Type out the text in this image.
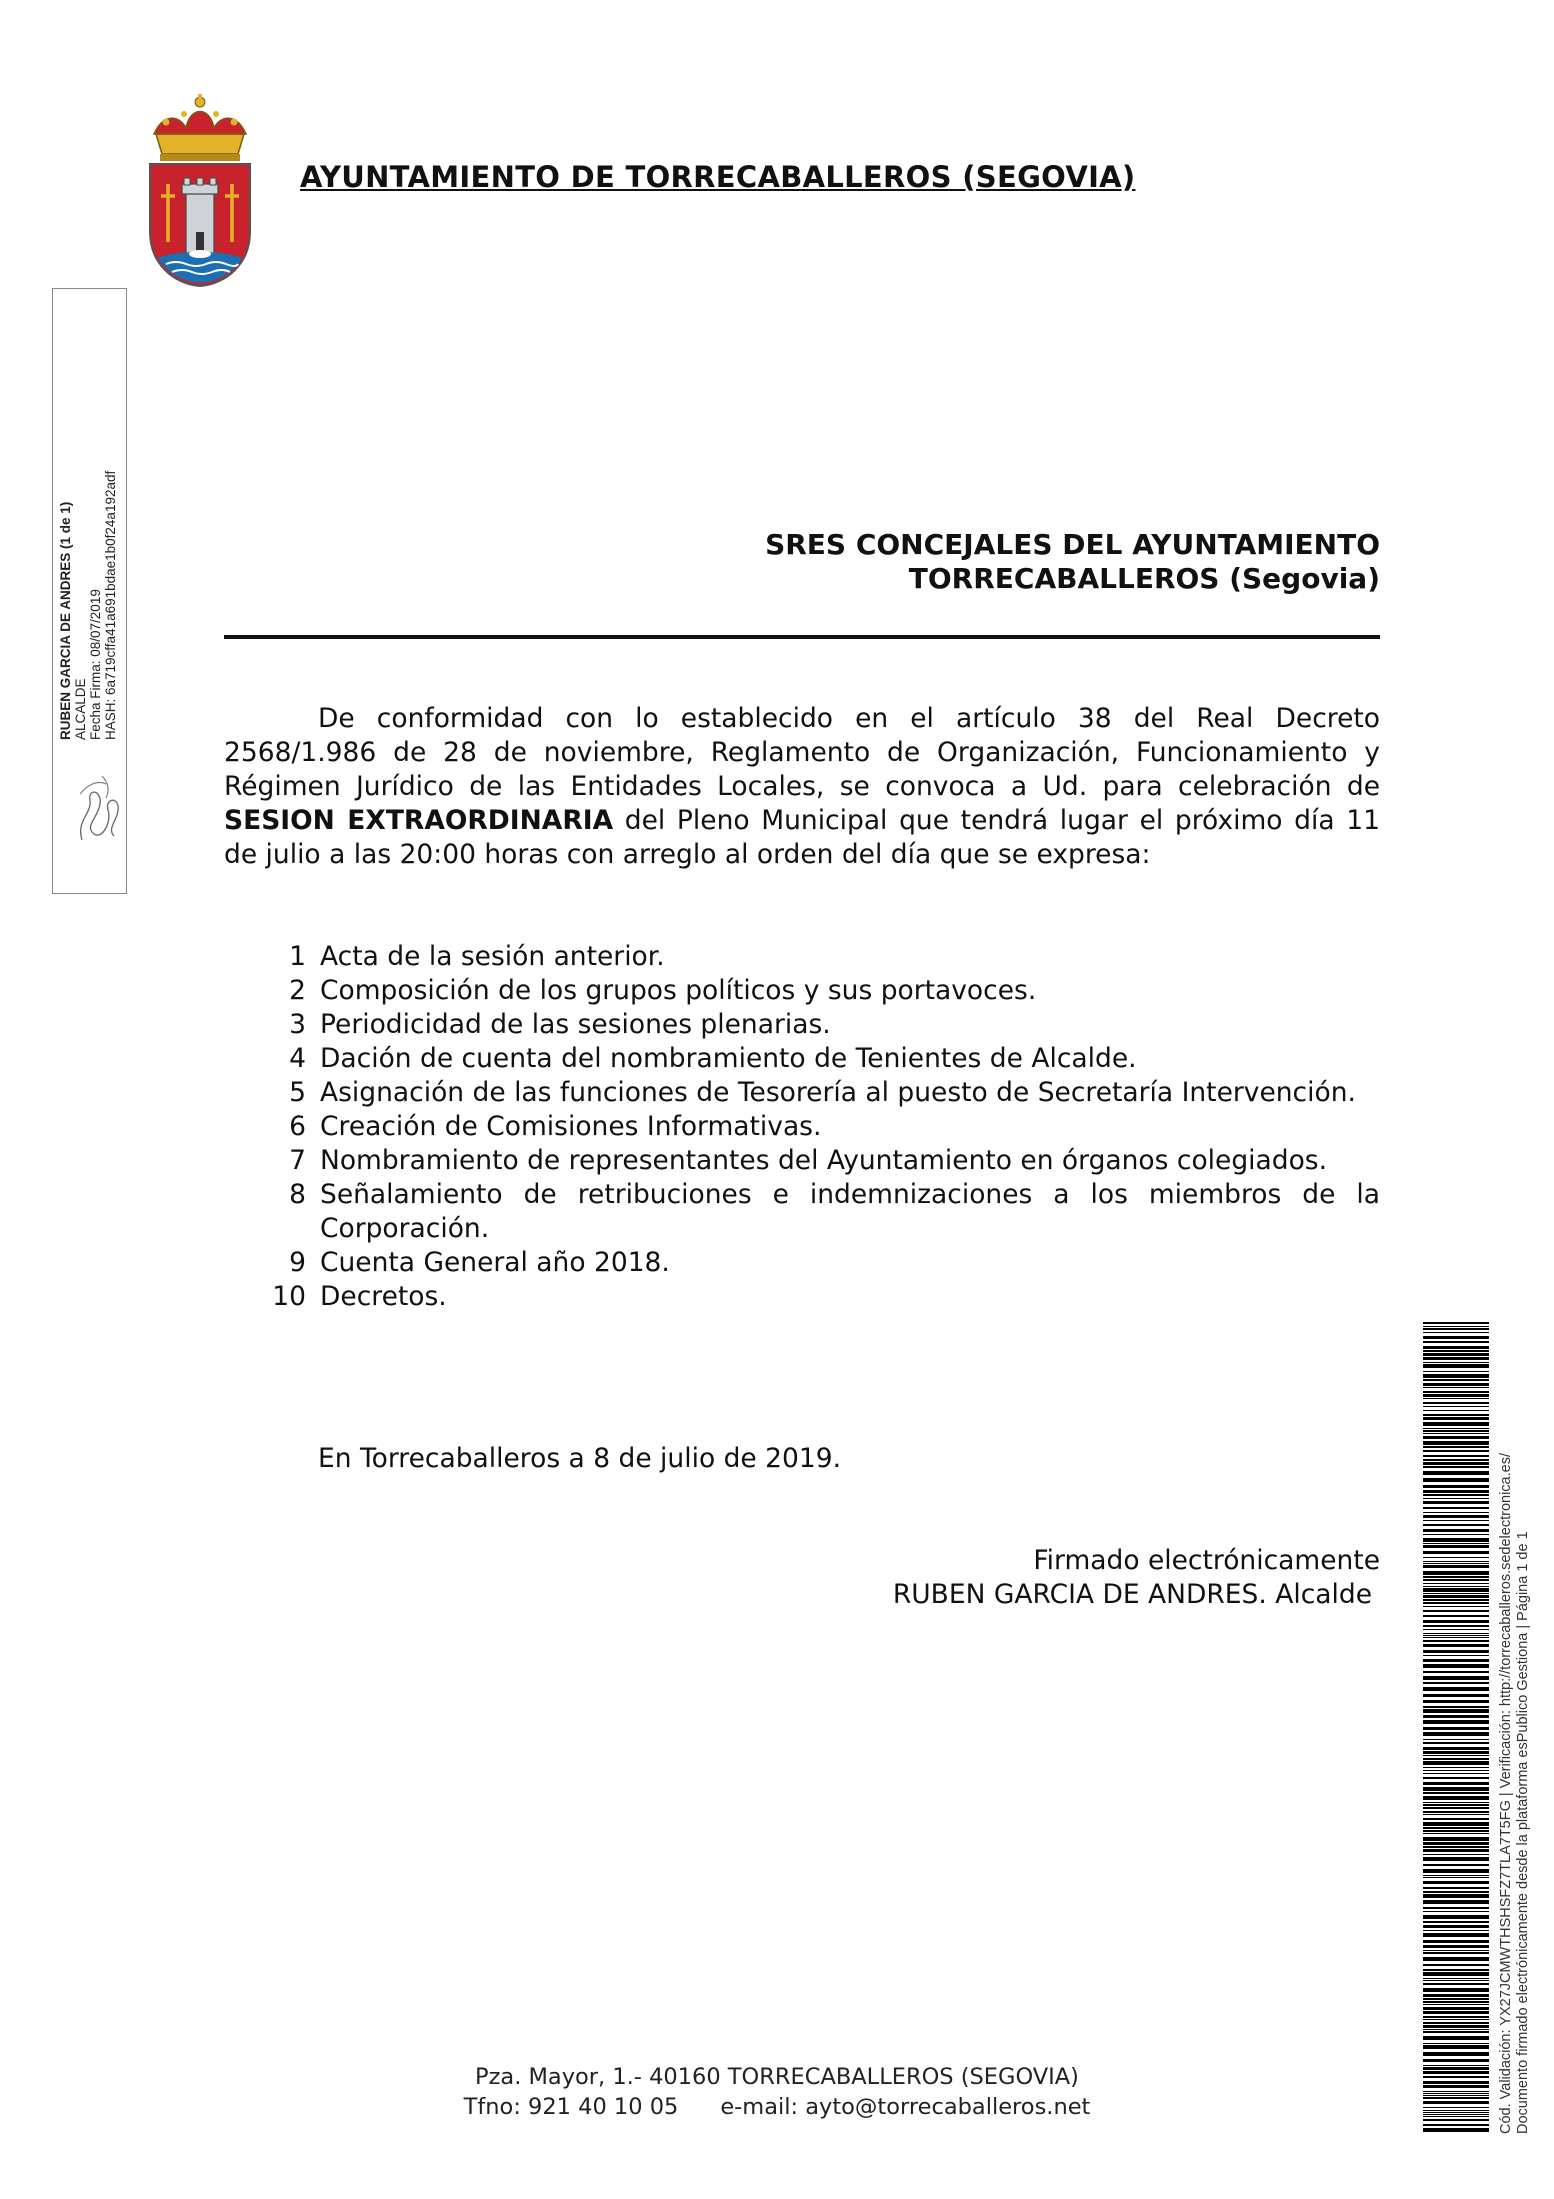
AYUNTAMIENTO DE TORRECABALLEROS (SEGOVIA)
RUBEN GARCIA DE ANDRES (1 de 1) ALCALDE Fecha Firma: 08/07/2019 HASH: 6a719cffa41a691bdae1b0f24a192adf	SRES CONCEJALES DEL AYUNTAMIENTO
TORRECABALLEROS (Segovia)
De conformidad con lo establecido en el artículo 38 del Real Decreto 2568/1.986 de 28 de noviembre, Reglamento de Organización, Funcionamiento y Régimen Jurídico de las Entidades Locales, se convoca a Ud. para celebración de SESION EXTRAORDINARIA del Pleno Municipal que tendrá lugar el próximo día 11 de julio a las 20:00 horas con arreglo al orden del día que se expresa:
1 Acta de la sesión anterior.
2 Composición de los grupos políticos y sus portavoces.
3 Periodicidad de las sesiones plenarias.
4 Dación de cuenta del nombramiento de Tenientes de Alcalde.
5 Asignación de las funciones de Tesorería al puesto de Secretaría Intervención.
6 Creación de Comisiones Informativas.
7 Nombramiento de representantes del Ayuntamiento en órganos colegiados.
8 Señalamiento de retribuciones e indemnizaciones a los miembros de la Corporación.
9 Cuenta General año 2018.
10 Decretos.
En Torrecaballeros a 8 de julio de 2019.
Firmado electrónicamente
RUBEN GARCIA DE ANDRES. Alcalde
Pza. Mayor, 1.- 40160 TORRECABALLEROS (SEGOVIA)
Tfno: 921 40 10 05 e-mail: ayto@torrecaballeros.net	Cód. Validación: YX27JCMWTHSHSFZ7TLA7T5FG | Verificación: http://torrecaballeros.sedelectronica.es/ Documento firmado electrónicamente desde la plataforma esPublico Gestiona | Página 1 de 1
